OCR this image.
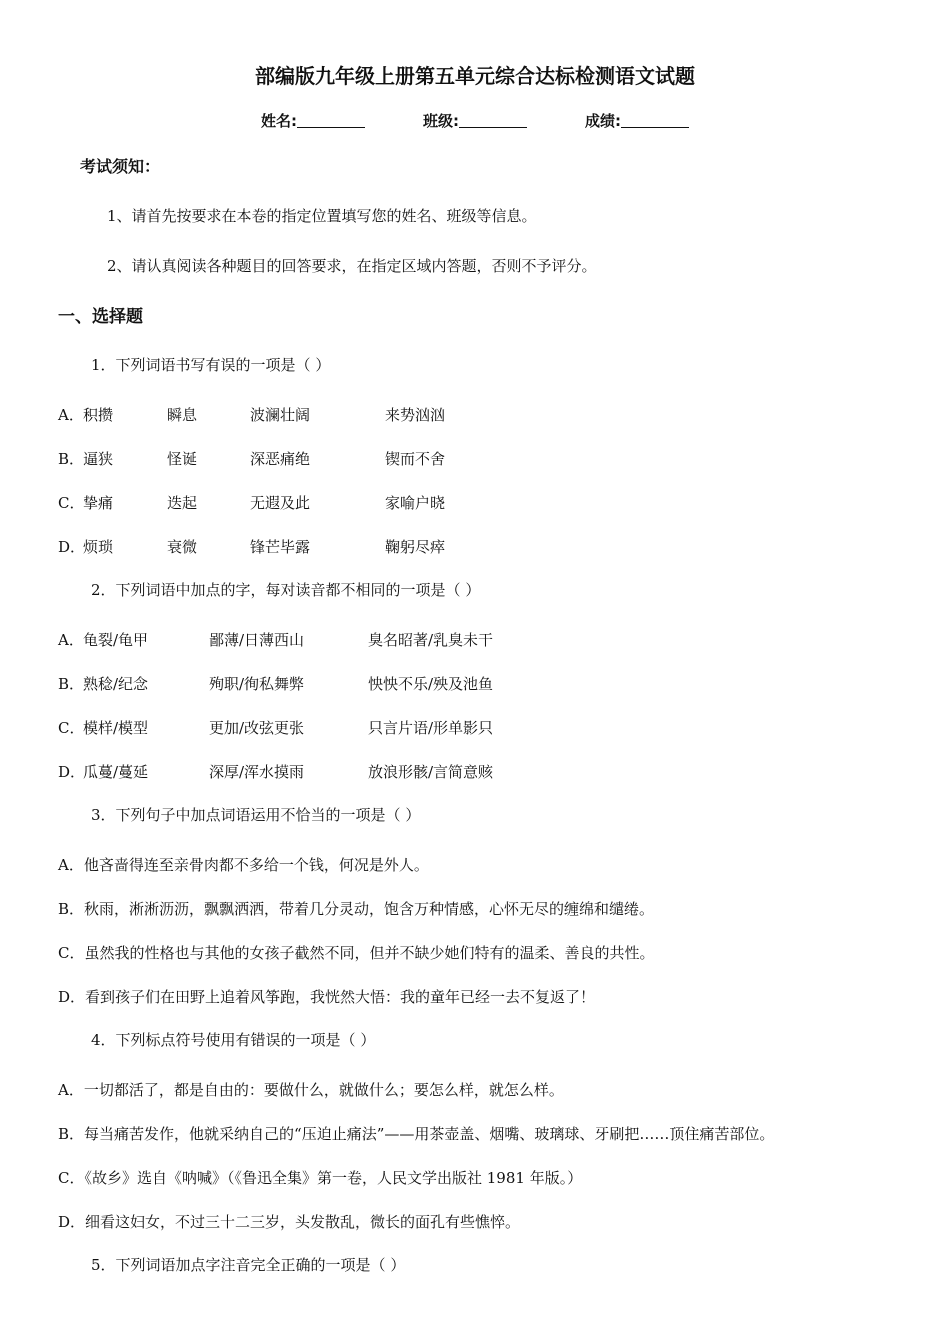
部编版九年级上册第五单元综合达标检测语文试题
姓名:	班级:	成绩:
考试须知：
1、请首先按要求在本卷的指定位置填写您的姓名、班级等信息。
2、请认真阅读各种题目的回答要求，在指定区域内答题，否则不予评分。
一、选择题
1．下列词语书写有误的一项是（ ）
A． 积攒	瞬息	波澜壮阔	来势汹汹
B．
逼狭	怪诞	深恶痛绝	锲而不舍
C．
挚痛	迭起	无遐及此	家喻户晓
D．
烦琐	衰微	锋芒毕露	鞠躬尽瘁
2．下列词语中加点的字，每对读音都不相同的一项是（ ）
A． 龟裂/龟甲	鄙薄/日薄西山	臭名昭著/乳臭未干
B．
熟稔/纪念	殉职/徇私舞弊	怏怏不乐/殃及池鱼
C．
模样/模型	更加/改弦更张	只言片语/形单影只
D．
瓜蔓/蔓延	深厚/浑水摸雨	放浪形骸/言简意赅
3．下列句子中加点词语运用不恰当的一项是（ ）
A．他吝啬得连至亲骨肉都不多给一个钱，何况是外人。
B．秋雨，淅淅沥沥，飘飘洒洒，带着几分灵动，饱含万种情感，心怀无尽的缠绵和缱绻。
C．虽然我的性格也与其他的女孩子截然不同，但并不缺少她们特有的温柔、善良的共性。
D．看到孩子们在田野上追着风筝跑，我恍然大悟：我的童年已经一去不复返了！
4．下列标点符号使用有错误的一项是（ ）
A．一切都活了，都是自由的：要做什么，就做什么；要怎么样，就怎么样。
B．每当痛苦发作，他就采纳自己的“压迫止痛法”——用茶壶盖、烟嘴、玻璃球、牙刷把……顶住痛苦部位。
C．《故乡》选自《呐喊》（《鲁迅全集》第一卷，人民文学出版社 1981 年版。）
D．细看这妇女，不过三十二三岁，头发散乱，微长的面孔有些憔悴。
5．下列词语加点字注音完全正确的一项是（ ）
